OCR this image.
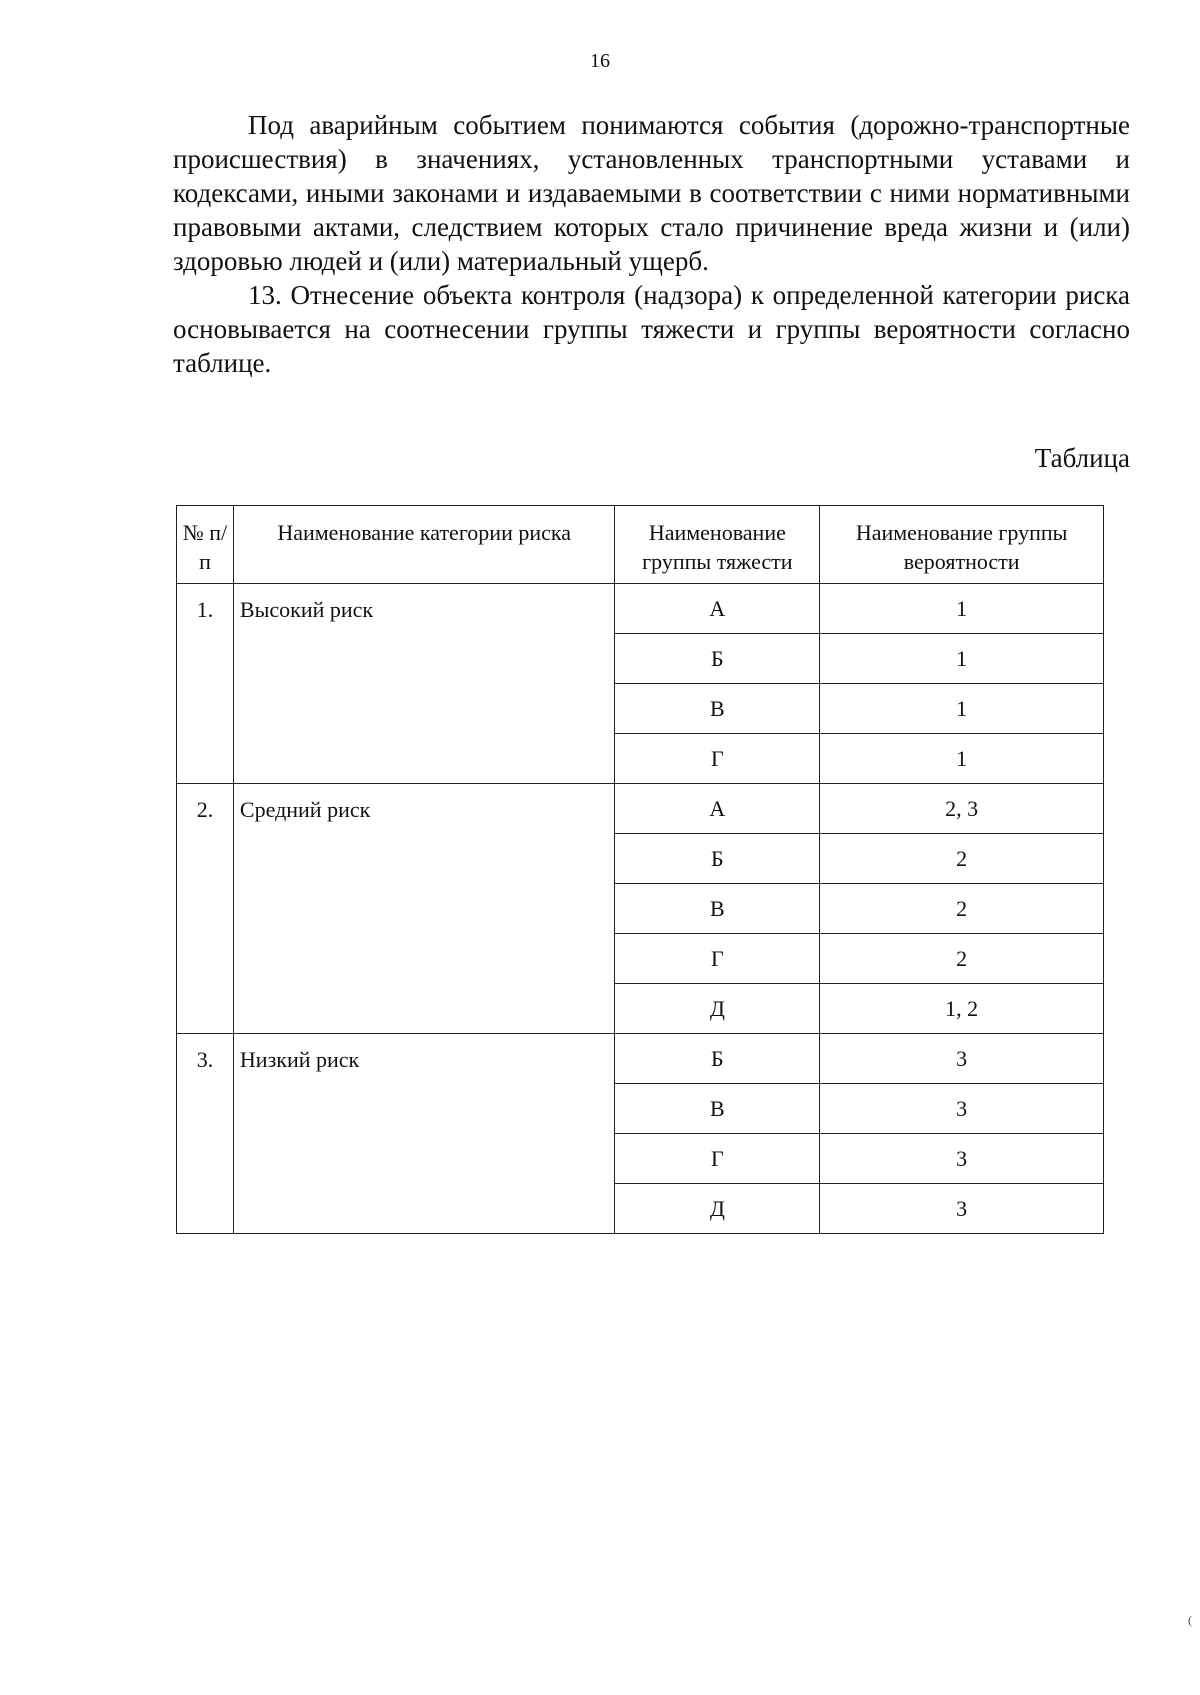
16

Под аварийным событием понимаются события (дорожно-транспортные происшествия) в значениях, установленных транспортными уставами и кодексами, иными законами и издаваемыми в соответствии с ними нормативными правовыми актами, следствием которых стало причинение вреда жизни и (или) здоровью людей и (или) материальный ущерб.

13. Отнесение объекта контроля (надзора) к определенной категории риска основывается на соотнесении группы тяжести и группы вероятности согласно таблице.

Таблица
№ п/п	Наименование категории риска	Наименование группы тяжести	Наименование группы вероятности
1.	Высокий риск	А	1
		Б	1
		В	1
		Г	1
2.	Средний риск	А	2, 3
		Б	2
		В	2
		Г	2
		Д	1, 2
3.	Низкий риск	Б	3
		В	3
		Г	3
		Д	3
(
